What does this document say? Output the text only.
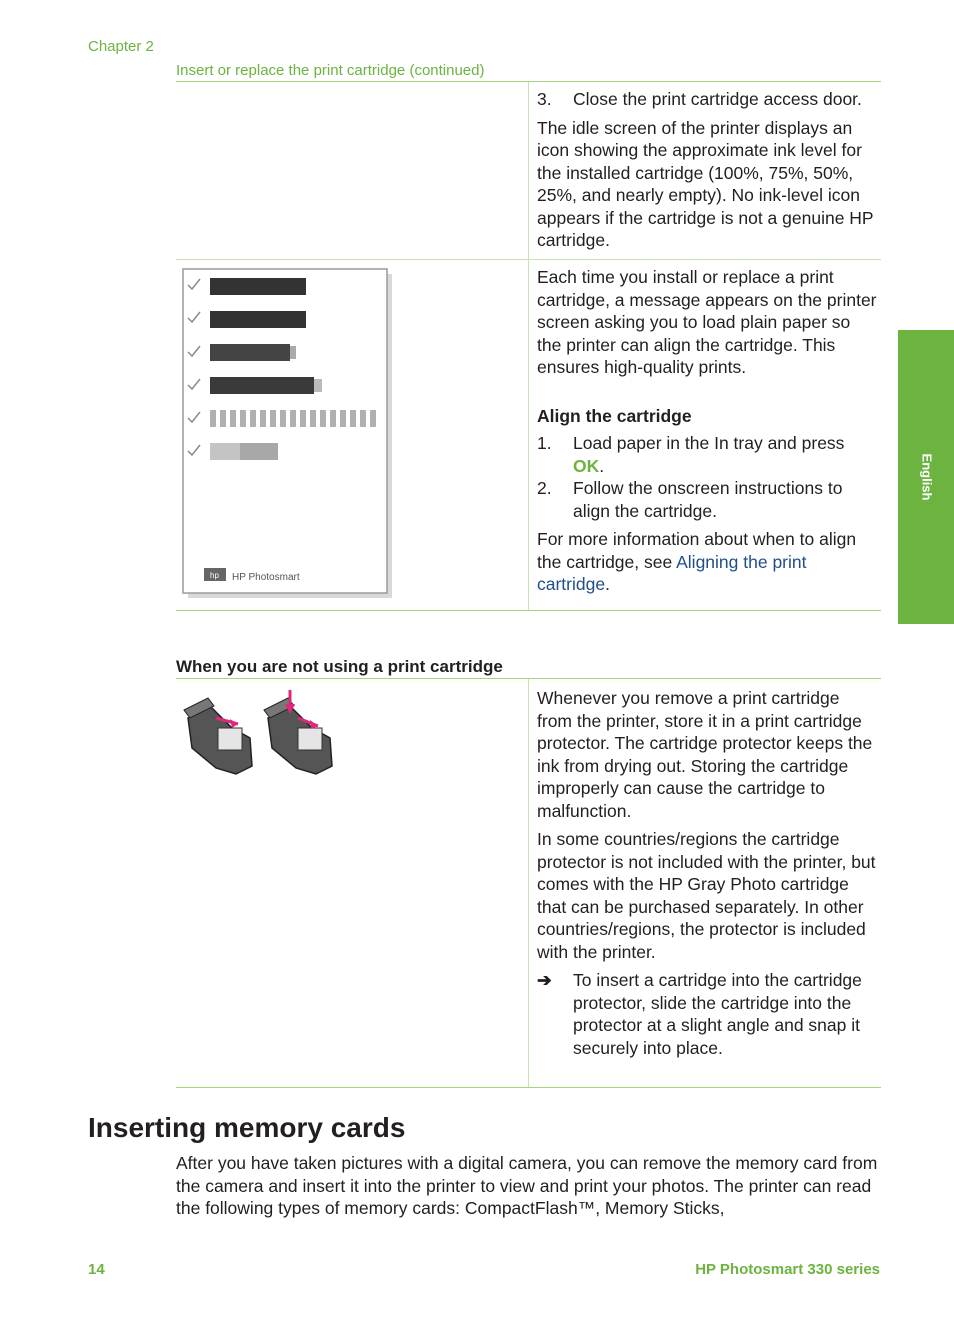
Chapter 2
Insert or replace the print cartridge (continued)
English
3.	Close the print cartridge access door.

The idle screen of the printer displays an icon showing the approximate ink level for the installed cartridge (100%, 75%, 50%, 25%, and nearly empty). No ink-level icon appears if the cartridge is not a genuine HP cartridge.

hp HP Photosmart

Each time you install or replace a print cartridge, a message appears on the printer screen asking you to load plain paper so the printer can align the cartridge. This ensures high-quality prints.

Align the cartridge
1.	Load paper in the In tray and press OK.
2.	Follow the onscreen instructions to align the cartridge.

For more information about when to align the cartridge, see Aligning the print cartridge.

When you are not using a print cartridge

Whenever you remove a print cartridge from the printer, store it in a print cartridge protector. The cartridge protector keeps the ink from drying out. Storing the cartridge improperly can cause the cartridge to malfunction.

In some countries/regions the cartridge protector is not included with the printer, but comes with the HP Gray Photo cartridge that can be purchased separately. In other countries/regions, the protector is included with the printer.

➔	To insert a cartridge into the cartridge protector, slide the cartridge into the protector at a slight angle and snap it securely into place.
Inserting memory cards
After you have taken pictures with a digital camera, you can remove the memory card from the camera and insert it into the printer to view and print your photos. The printer can read the following types of memory cards: CompactFlash™, Memory Sticks,
14	HP Photosmart 330 series
